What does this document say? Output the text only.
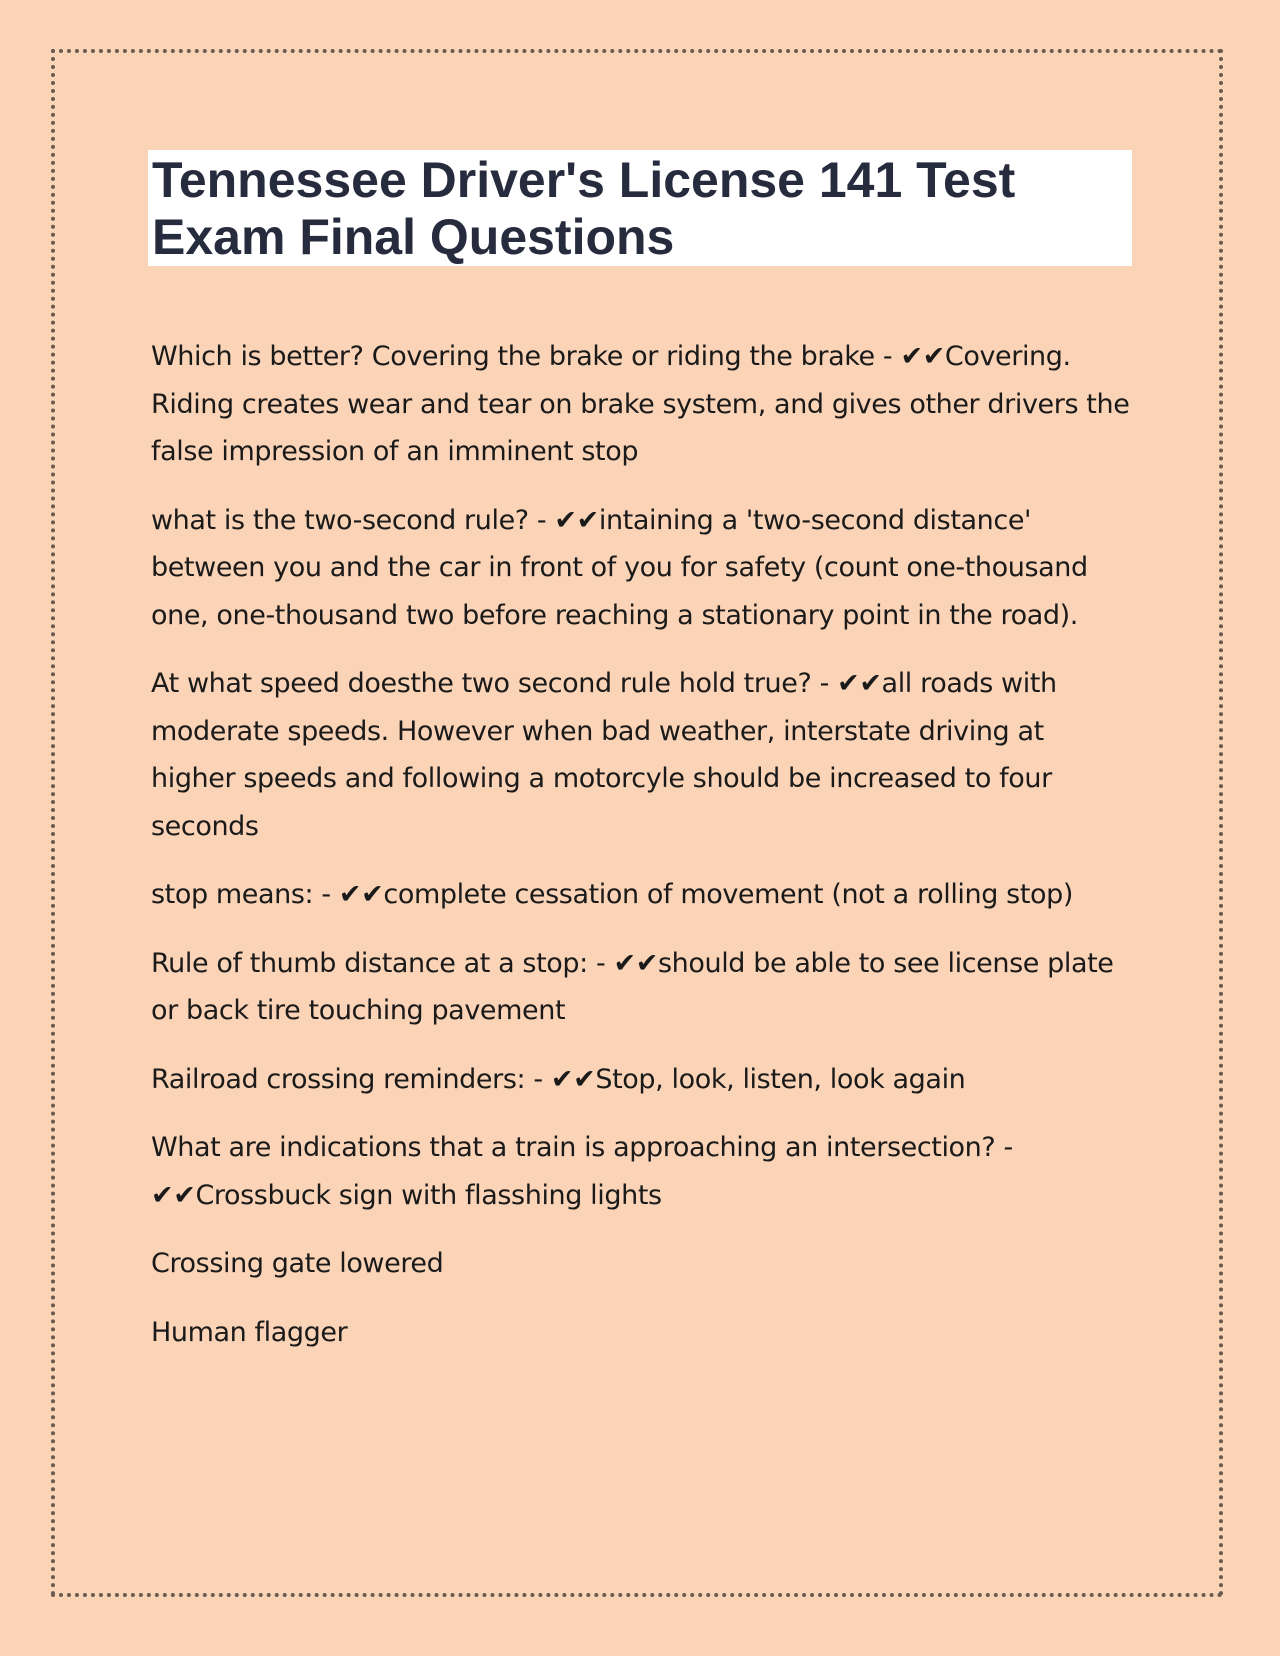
Tennessee Driver's License 141 Test Exam Final Questions

Which is better? Covering the brake or riding the brake - ✔✔Covering. Riding creates wear and tear on brake system, and gives other drivers the false impression of an imminent stop

what is the two-second rule? - ✔✔intaining a 'two-second distance' between you and the car in front of you for safety (count one-thousand one, one-thousand two before reaching a stationary point in the road).

At what speed doesthe two second rule hold true? - ✔✔all roads with moderate speeds. However when bad weather, interstate driving at higher speeds and following a motorcyle should be increased to four seconds

stop means: - ✔✔complete cessation of movement (not a rolling stop)

Rule of thumb distance at a stop: - ✔✔should be able to see license plate or back tire touching pavement

Railroad crossing reminders: - ✔✔Stop, look, listen, look again

What are indications that a train is approaching an intersection? - ✔✔Crossbuck sign with flasshing lights

Crossing gate lowered

Human flagger
